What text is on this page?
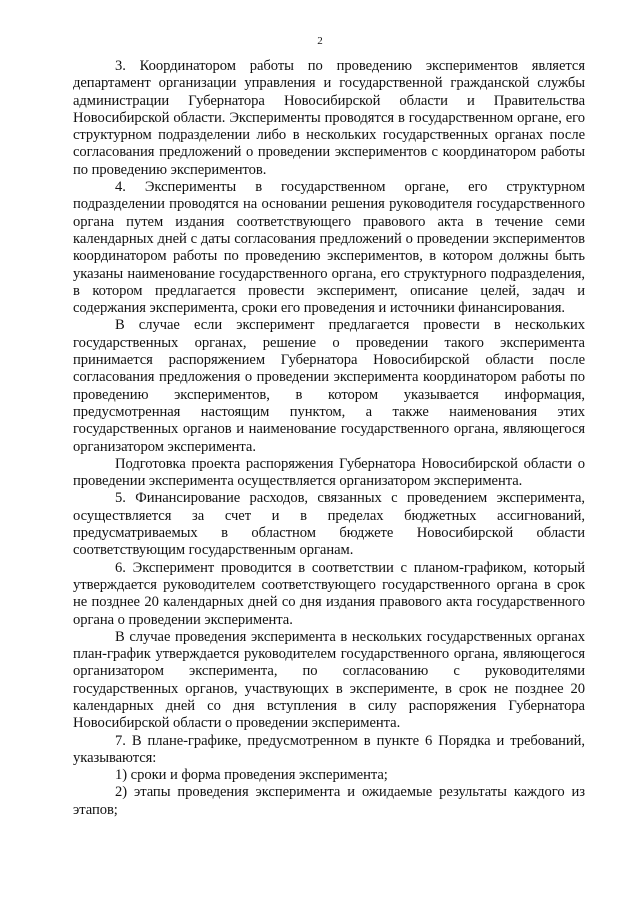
2

3. Координатором работы по проведению экспериментов является департамент организации управления и государственной гражданской службы администрации Губернатора Новосибирской области и Правительства Новосибирской области. Эксперименты проводятся в государственном органе, его структурном подразделении либо в нескольких государственных органах после согласования предложений о проведении экспериментов с координатором работы по проведению экспериментов.

4. Эксперименты в государственном органе, его структурном подразделении проводятся на основании решения руководителя государственного органа путем издания соответствующего правового акта в течение семи календарных дней с даты согласования предложений о проведении экспериментов координатором работы по проведению экспериментов, в котором должны быть указаны наименование государственного органа, его структурного подразделения, в котором предлагается провести эксперимент, описание целей, задач и содержания эксперимента, сроки его проведения и источники финансирования.

В случае если эксперимент предлагается провести в нескольких государственных органах, решение о проведении такого эксперимента принимается распоряжением Губернатора Новосибирской области после согласования предложения о проведении эксперимента координатором работы по проведению экспериментов, в котором указывается информация, предусмотренная настоящим пунктом, а также наименования этих государственных органов и наименование государственного органа, являющегося организатором эксперимента.

Подготовка проекта распоряжения Губернатора Новосибирской области о проведении эксперимента осуществляется организатором эксперимента.

5. Финансирование расходов, связанных с проведением эксперимента, осуществляется за счет и в пределах бюджетных ассигнований, предусматриваемых в областном бюджете Новосибирской области соответствующим государственным органам.

6. Эксперимент проводится в соответствии с планом-графиком, который утверждается руководителем соответствующего государственного органа в срок не позднее 20 календарных дней со дня издания правового акта государственного органа о проведении эксперимента.

В случае проведения эксперимента в нескольких государственных органах план-график утверждается руководителем государственного органа, являющегося организатором эксперимента, по согласованию с руководителями государственных органов, участвующих в эксперименте, в срок не позднее 20 календарных дней со дня вступления в силу распоряжения Губернатора Новосибирской области о проведении эксперимента.

7. В плане-графике, предусмотренном в пункте 6 Порядка и требований, указываются:

1) сроки и форма проведения эксперимента;

2) этапы проведения эксперимента и ожидаемые результаты каждого из этапов;
